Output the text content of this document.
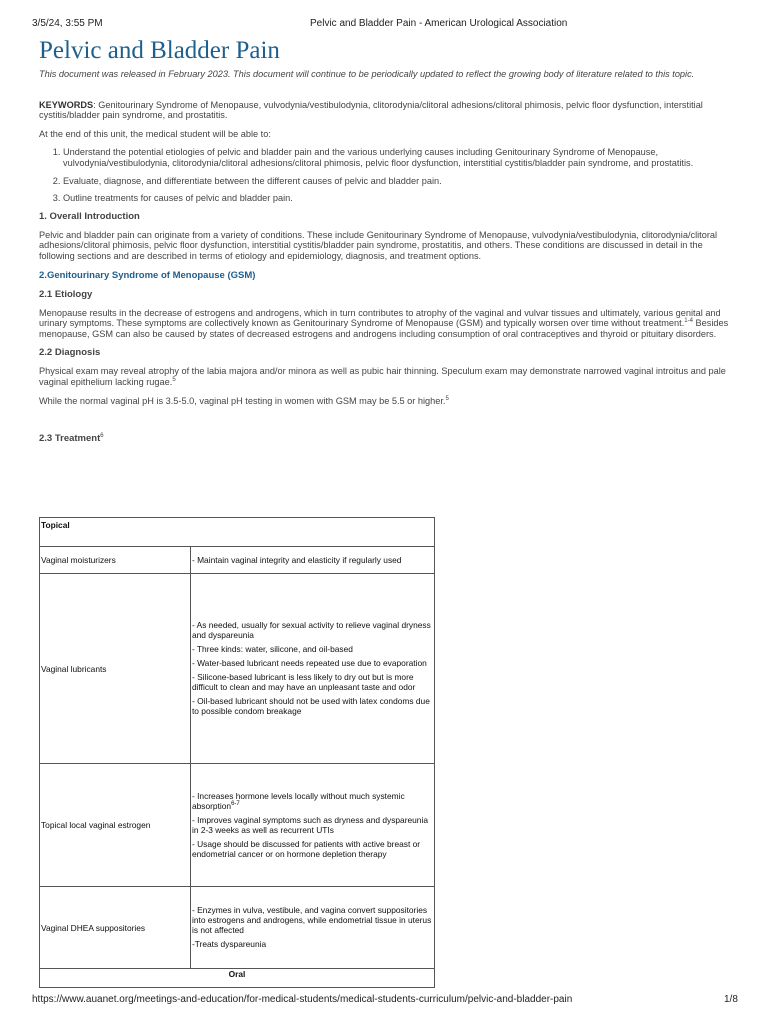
3/5/24, 3:55 PM	Pelvic and Bladder Pain - American Urological Association
Pelvic and Bladder Pain

This document was released in February 2023. This document will continue to be periodically updated to reflect the growing body of literature related to this topic.

KEYWORDS: Genitourinary Syndrome of Menopause, vulvodynia/vestibulodynia, clitorodynia/clitoral adhesions/clitoral phimosis, pelvic floor dysfunction, interstitial cystitis/bladder pain syndrome, and prostatitis.

At the end of this unit, the medical student will be able to:

1. Understand the potential etiologies of pelvic and bladder pain and the various underlying causes including Genitourinary Syndrome of Menopause, vulvodynia/vestibulodynia, clitorodynia/clitoral adhesions/clitoral phimosis, pelvic floor dysfunction, interstitial cystitis/bladder pain syndrome, and prostatitis.
2. Evaluate, diagnose, and differentiate between the different causes of pelvic and bladder pain.
3. Outline treatments for causes of pelvic and bladder pain.
1. Overall Introduction

Pelvic and bladder pain can originate from a variety of conditions. These include Genitourinary Syndrome of Menopause, vulvodynia/vestibulodynia, clitorodynia/clitoral adhesions/clitoral phimosis, pelvic floor dysfunction, interstitial cystitis/bladder pain syndrome, prostatitis, and others. These conditions are discussed in detail in the following sections and are described in terms of etiology and epidemiology, diagnosis, and treatment options.

2.Genitourinary Syndrome of Menopause (GSM)
2.1 Etiology

Menopause results in the decrease of estrogens and androgens, which in turn contributes to atrophy of the vaginal and vulvar tissues and ultimately, various genital and urinary symptoms. These symptoms are collectively known as Genitourinary Syndrome of Menopause (GSM) and typically worsen over time without treatment.$^{1-4}$ Besides menopause, GSM can also be caused by states of decreased estrogens and androgens including consumption of oral contraceptives and thyroid or pituitary disorders.

2.2 Diagnosis

Physical exam may reveal atrophy of the labia majora and/or minora as well as pubic hair thinning. Speculum exam may demonstrate narrowed vaginal introitus and pale vaginal epithelium lacking rugae.$^5$

While the normal vaginal pH is 3.5-5.0, vaginal pH testing in women with GSM may be 5.5 or higher.$^5$

2.3 Treatment$^6$
Topical	
Vaginal moisturizers	- Maintain vaginal integrity and elasticity if regularly used

Vaginal lubricants	- As needed, usually for sexual activity to relieve vaginal dryness and dyspareunia

- Three kinds: water, silicone, and oil-based

- Water-based lubricant needs repeated use due to evaporation

- Silicone-based lubricant is less likely to dry out but is more difficult to clean and may have an unpleasant taste and odor

- Oil-based lubricant should not be used with latex condoms due to possible condom breakage

Topical local vaginal estrogen	- Increases hormone levels locally without much systemic absorption$^{6-7}$

- Improves vaginal symptoms such as dryness and dyspareunia in 2-3 weeks as well as recurrent UTIs

- Usage should be discussed for patients with active breast or endometrial cancer or on hormone depletion therapy

Vaginal DHEA suppositories	- Enzymes in vulva, vestibule, and vagina convert suppositories into estrogens and androgens, while endometrial tissue in uterus is not affected

-Treats dyspareunia

Oral	
https://www.auanet.org/meetings-and-education/for-medical-students/medical-students-curriculum/pelvic-and-bladder-pain	1/8
